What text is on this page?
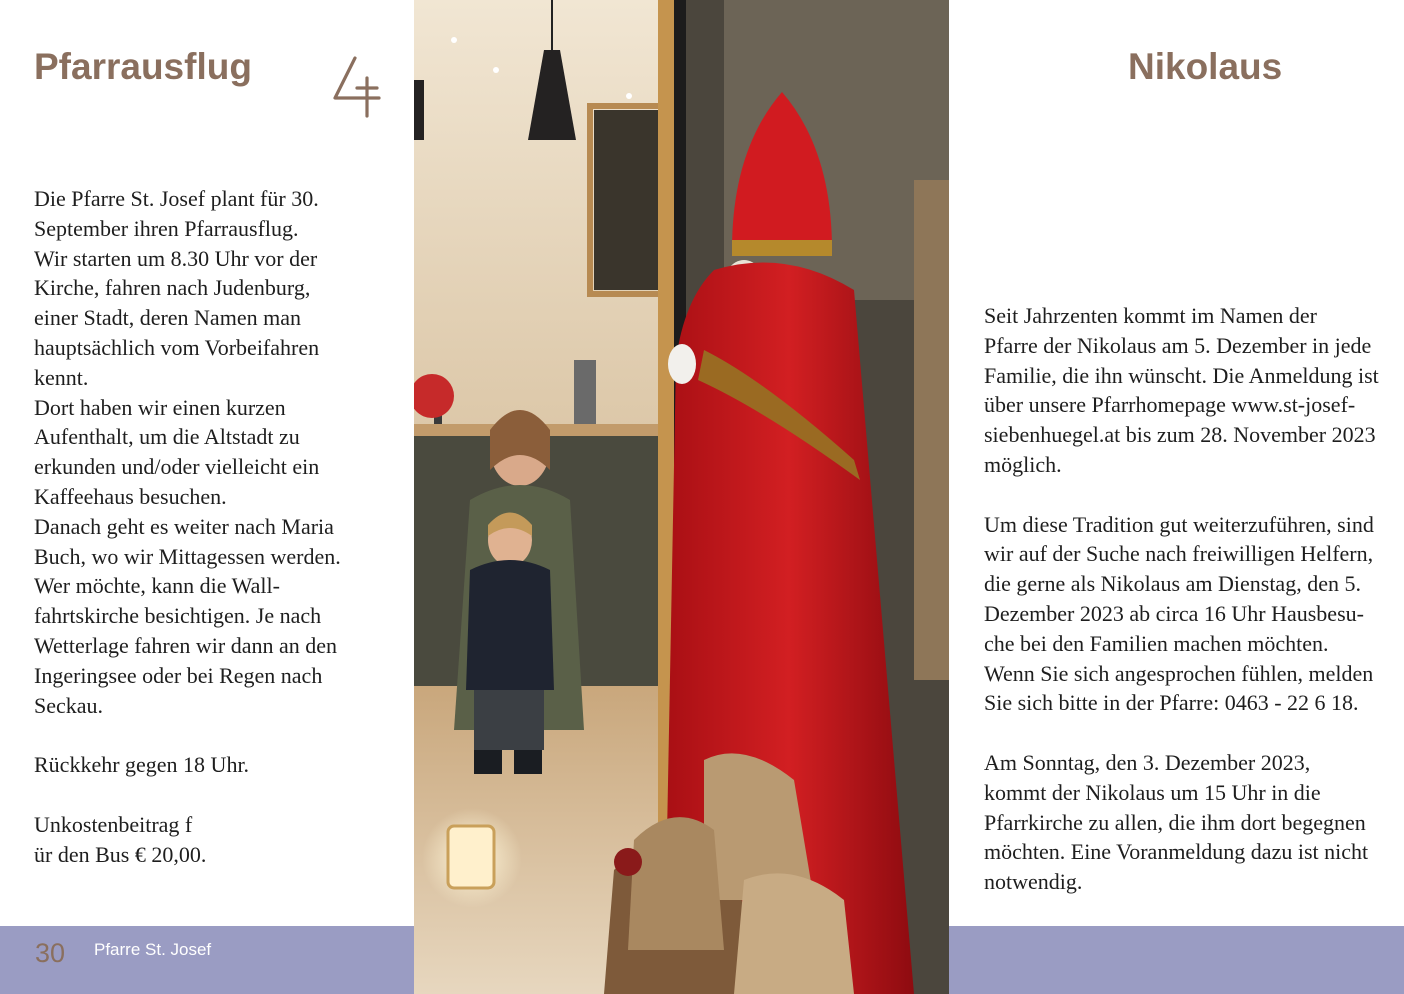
Pfarrausflug

Die Pfarre St. Josef plant für 30.
September ihren Pfarrausflug.
Wir starten um 8.30 Uhr vor der
Kirche, fahren nach Judenburg,
einer Stadt, deren Namen man
hauptsächlich vom Vorbeifahren
kennt.
Dort haben wir einen kurzen
Aufenthalt, um die Altstadt zu
erkunden und/oder vielleicht ein
Kaffeehaus besuchen.
Danach geht es weiter nach Maria
Buch, wo wir Mittagessen werden.
Wer möchte, kann die Wall-
fahrtskirche besichtigen. Je nach
Wetterlage fahren wir dann an den
Ingeringsee oder bei Regen nach
Seckau.

Rückkehr gegen 18 Uhr.

Unkostenbeitrag f
ür den Bus € 20,00.

30 Pfarre St. Josef
Nikolaus

Seit Jahrzenten kommt im Namen der
Pfarre der Nikolaus am 5. Dezember in jede
Familie, die ihn wünscht. Die Anmeldung ist
über unsere Pfarrhomepage www.st-josef-
siebenhuegel.at bis zum 28. November 2023
möglich.

Um diese Tradition gut weiterzuführen, sind
wir auf der Suche nach freiwilligen Helfern,
die gerne als Nikolaus am Dienstag, den 5.
Dezember 2023 ab circa 16 Uhr Hausbesu-
che bei den Familien machen möchten.
Wenn Sie sich angesprochen fühlen, melden
Sie sich bitte in der Pfarre: 0463 - 22 6 18.

Am Sonntag, den 3. Dezember 2023,
kommt der Nikolaus um 15 Uhr in die
Pfarrkirche zu allen, die ihm dort begegnen
möchten. Eine Voranmeldung dazu ist nicht
notwendig.
